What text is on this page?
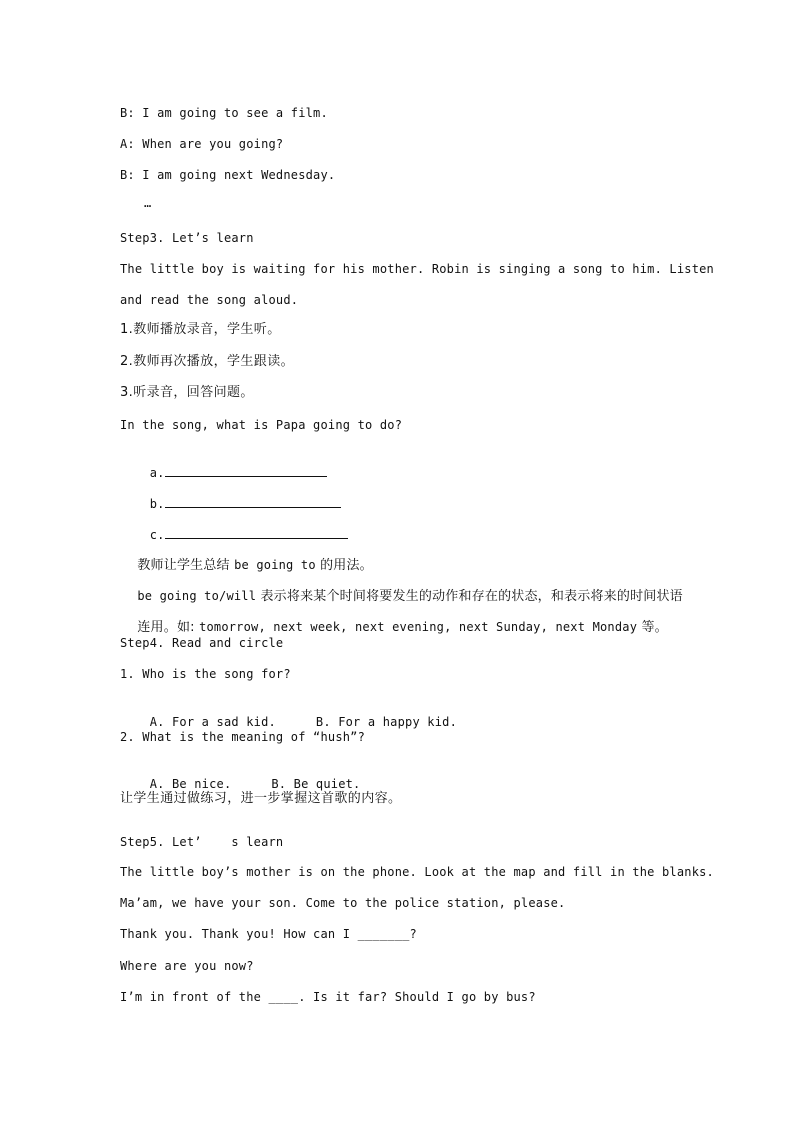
B: I am going to see a film.
A: When are you going?
B: I am going next Wednesday.
…
Step3. Let’s learn
The little boy is waiting for his mother. Robin is singing a song to him. Listen
and read the song aloud.
1.教师播放录音，学生听。
2.教师再次播放，学生跟读。
3.听录音，回答问题。
In the song, what is Papa going to do?

a.

b.

c.

教师让学生总结 be going to 的用法。

be going to/will 表示将来某个时间将要发生的动作和存在的状态，和表示将来的时间状语

连用。如: tomorrow, next week, next evening, next Sunday, next Monday 等。

Step4. Read and circle
1. Who is the song for?

A. For a sad kid.	B. For a happy kid.

2. What is the meaning of “hush”?

A. Be nice.	B. Be quiet.

让学生通过做练习，进一步掌握这首歌的内容。
Step5. Let’    s learn
The little boy’s mother is on the phone. Look at the map and fill in the blanks.
Ma’am, we have your son. Come to the police station, please.
Thank you. Thank you! How can I _______?
Where are you now?
I’m in front of the ____. Is it far? Should I go by bus?
